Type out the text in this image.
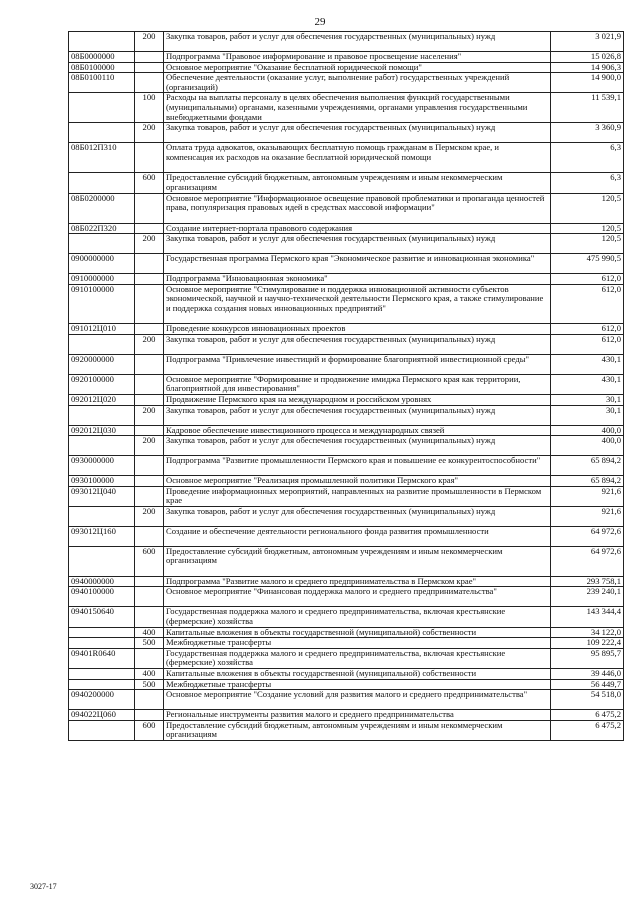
29
	200	Закупка товаров, работ и услуг для обеспечения государственных (муниципальных) нужд	3 021,9
08Б0000000		Подпрограмма "Правовое информирование и правовое просвещение населения"	15 026,8
08Б0100000		Основное мероприятие "Оказание бесплатной юридической помощи"	14 906,3
08Б0100110		Обеспечение деятельности (оказание услуг, выполнение работ) государственных учреждений (организаций)	14 900,0
	100	Расходы на выплаты персоналу в целях обеспечения выполнения функций государственными (муниципальными) органами, казенными учреждениями, органами управления государственными внебюджетными фондами	11 539,1
	200	Закупка товаров, работ и услуг для обеспечения государственных (муниципальных) нужд	3 360,9
08Б012П310		Оплата труда адвокатов, оказывающих бесплатную помощь гражданам в Пермском крае, и компенсация их расходов на оказание бесплатной юридической помощи	6,3
	600	Предоставление субсидий бюджетным, автономным учреждениям и иным некоммерческим организациям	6,3
08Б0200000		Основное мероприятие "Информационное освещение правовой проблематики и пропаганда ценностей права, популяризация правовых идей в средствах массовой информации"	120,5
08Б022П320		Создание интернет-портала правового содержания	120,5
	200	Закупка товаров, работ и услуг для обеспечения государственных (муниципальных) нужд	120,5
0900000000		Государственная программа Пермского края "Экономическое развитие и инновационная экономика"	475 990,5
0910000000		Подпрограмма "Инновационная экономика"	612,0
0910100000		Основное мероприятие "Стимулирование и поддержка инновационной активности субъектов экономической, научной и научно-технической деятельности Пермского края, а также стимулирование и поддержка создания новых инновационных предприятий"	612,0
091012Ц010		Проведение конкурсов инновационных проектов	612,0
	200	Закупка товаров, работ и услуг для обеспечения государственных (муниципальных) нужд	612,0
0920000000		Подпрограмма "Привлечение инвестиций и формирование благоприятной инвестиционной среды"	430,1
0920100000		Основное мероприятие "Формирование и продвижение имиджа Пермского края как территории, благоприятной для инвестирования"	430,1
092012Ц020		Продвижение Пермского края на международном и российском уровнях	30,1
	200	Закупка товаров, работ и услуг для обеспечения государственных (муниципальных) нужд	30,1
092012Ц030		Кадровое обеспечение инвестиционного процесса и международных связей	400,0
	200	Закупка товаров, работ и услуг для обеспечения государственных (муниципальных) нужд	400,0
0930000000		Подпрограмма "Развитие промышленности Пермского края и повышение ее конкурентоспособности"	65 894,2
0930100000		Основное мероприятие "Реализация промышленной политики Пермского края"	65 894,2
093012Ц040		Проведение информационных мероприятий, направленных на развитие промышленности в Пермском крае	921,6
	200	Закупка товаров, работ и услуг для обеспечения государственных (муниципальных) нужд	921,6
093012Ц160		Создание и обеспечение деятельности регионального фонда развития промышленности	64 972,6
	600	Предоставление субсидий бюджетным, автономным учреждениям и иным некоммерческим организациям	64 972,6
0940000000		Подпрограмма "Развитие малого и среднего предпринимательства в Пермском крае"	293 758,1
0940100000		Основное мероприятие "Финансовая поддержка малого и среднего предпринимательства"	239 240,1
0940150640		Государственная поддержка малого и среднего предпринимательства, включая крестьянские (фермерские) хозяйства	143 344,4
	400	Капитальные вложения в объекты государственной (муниципальной) собственности	34 122,0
	500	Межбюджетные трансферты	109 222,4
09401R0640		Государственная поддержка малого и среднего предпринимательства, включая крестьянские (фермерские) хозяйства	95 895,7
	400	Капитальные вложения в объекты государственной (муниципальной) собственности	39 446,0
	500	Межбюджетные трансферты	56 449,7
0940200000		Основное мероприятие "Создание условий для развития малого и среднего предпринимательства"	54 518,0
094022Ц060		Региональные инструменты развития малого и среднего предпринимательства	6 475,2
	600	Предоставление субсидий бюджетным, автономным учреждениям и иным некоммерческим организациям	6 475,2
3027-17
